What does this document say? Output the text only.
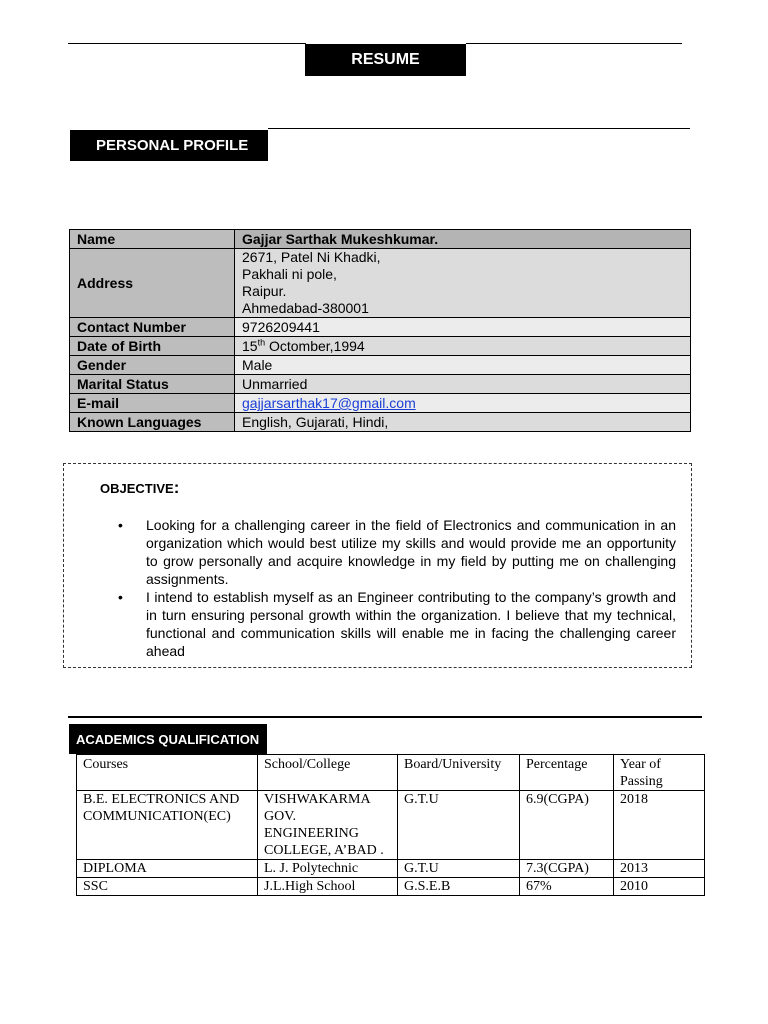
RESUME
PERSONAL PROFILE
Name	Gajjar Sarthak Mukeshkumar.
Address	2671, Patel Ni Khadki,
Pakhali ni pole,
Raipur.
Ahmedabad-380001

Contact Number	9726209441
Date of Birth	15th Octomber,1994
Gender	Male
Marital Status	Unmarried
E-mail	gajjarsarthak17@gmail.com
Known Languages	English, Gujarati, Hindi,
OBJECTIVE:
• Looking for a challenging career in the field of Electronics and communication in an organization which would best utilize my skills and would provide me an opportunity to grow personally and acquire knowledge in my field by putting me on challenging assignments.
• I intend to establish myself as an Engineer contributing to the company’s growth and in turn ensuring personal growth within the organization. I believe that my technical, functional and communication skills will enable me in facing the challenging career ahead
ACADEMICS QUALIFICATION
Courses	School/College	Board/University	Percentage	Year of Passing
B.E. ELECTRONICS AND COMMUNICATION(EC)	VISHWAKARMA GOV. ENGINEERING COLLEGE, A’BAD .	G.T.U	6.9(CGPA)	2018
DIPLOMA	L. J. Polytechnic	G.T.U	7.3(CGPA)	2013
SSC	J.L.High School	G.S.E.B	67%	2010
